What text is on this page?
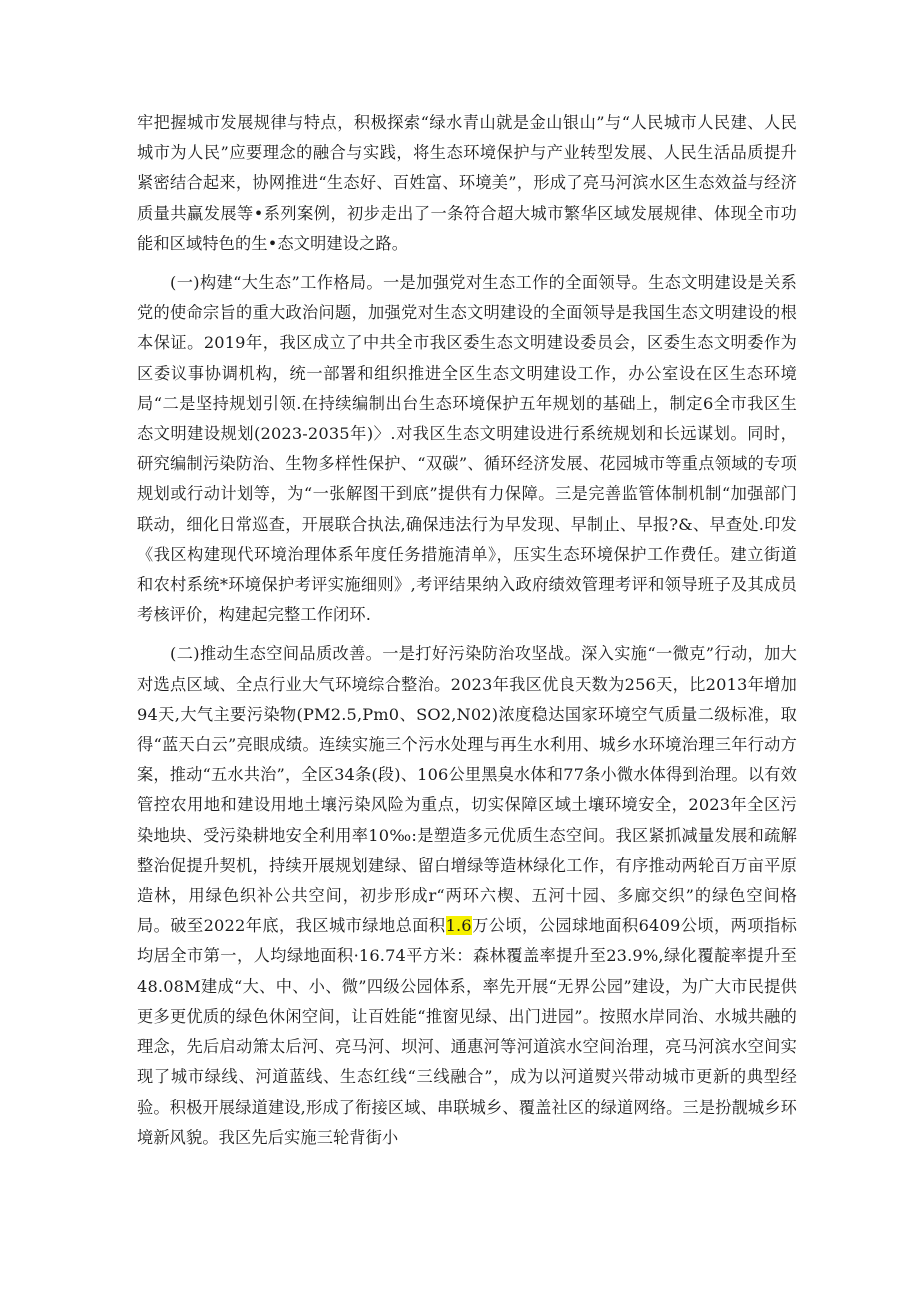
牢把握城市发展规律与特点，积极探索“绿水青山就是金山银山”与“人民城市人民建、人民城市为人民”应要理念的融合与实践，将生态环境保护与产业转型发展、人民生活品质提升紧密结合起来，协网推进“生态好、百姓富、环境美”，形成了亮马河滨水区生态效益与经济质量共赢发展等•系列案例，初步走出了一条符合超大城市繁华区域发展规律、体现全市功能和区域特色的生•态文明建设之路。

(一)构建“大生态”工作格局。一是加强党对生态工作的全面领导。生态文明建设是关系党的使命宗旨的重大政治问题，加强党对生态文明建设的全面领导是我国生态文明建设的根本保证。2019年，我区成立了中共全市我区委生态文明建设委员会，区委生态文明委作为区委议事协调机构，统一部署和组织推进全区生态文明建设工作，办公室设在区生态环境局“二是坚持规划引领.在持续编制出台生态环境保护五年规划的基础上，制定6全市我区生态文明建设规划(2023-2035年)〉.对我区生态文明建设进行系统规划和长远谋划。同时，研究编制污染防治、生物多样性保护、“双碳”、循环经济发展、花园城市等重点领域的专项规划或行动计划等，为“一张解图干到底”提供有力保障。三是完善监管体制机制“加强部门联动，细化日常巡查，开展联合执法,确保违法行为早发现、早制止、早报?&、早查处.印发《我区构建现代环境治理体系年度任务措施清单》，压实生态环境保护工作费任。建立街道和农村系统*环境保护考评实施细则》,考评结果纳入政府绩效管理考评和领导班子及其成员考核评价，构建起完整工作闭环.

(二)推动生态空间品质改善。一是打好污染防治攻坚战。深入实施“一微克”行动，加大对选点区域、全点行业大气环境综合整治。2023年我区优良天数为256天，比2013年增加94天,大气主要污染物(PM2.5,Pm0、SO2,N02)浓度稳达国家环境空气质量二级标准，取得“蓝天白云”亮眼成绩。连续实施三个污水处理与再生水利用、城乡水环境治理三年行动方案，推动“五水共治”，全区34条(段)、106公里黑臭水体和77条小微水体得到治理。以有效管控农用地和建设用地土壤污染风险为重点，切实保障区域土壤环境安全，2023年全区污染地块、受污染耕地安全利用率10‰:是塑造多元优质生态空间。我区紧抓减量发展和疏解整治促提升契机，持续开展规划建绿、留白增绿等造林绿化工作，有序推动两轮百万亩平原造林，用绿色织补公共空间，初步形成r“两环六楔、五河十园、多廊交织”的绿色空间格局。破至2022年底，我区城市绿地总面积1.6万公顷，公园球地面积6409公顷，两项指标均居全市第一，人均绿地面积·16.74平方米：森林覆盖率提升至23.9%,绿化覆靛率提升至48.08M建成“大、中、小、微”四级公园体系，率先开展“无界公园”建设，为广大市民提供更多更优质的绿色休闲空间，让百姓能“推窗见绿、出门进园”。按照水岸同治、水城共融的理念，先后启动箫太后河、亮马河、坝河、通惠河等河道滨水空间治理，亮马河滨水空间实现了城市绿线、河道蓝线、生态红线“三线融合”，成为以河道熨兴带动城市更新的典型经验。积极开展绿道建设,形成了衔接区域、串联城乡、覆盖社区的绿道网络。三是扮靓城乡环境新风貌。我区先后实施三轮背街小
